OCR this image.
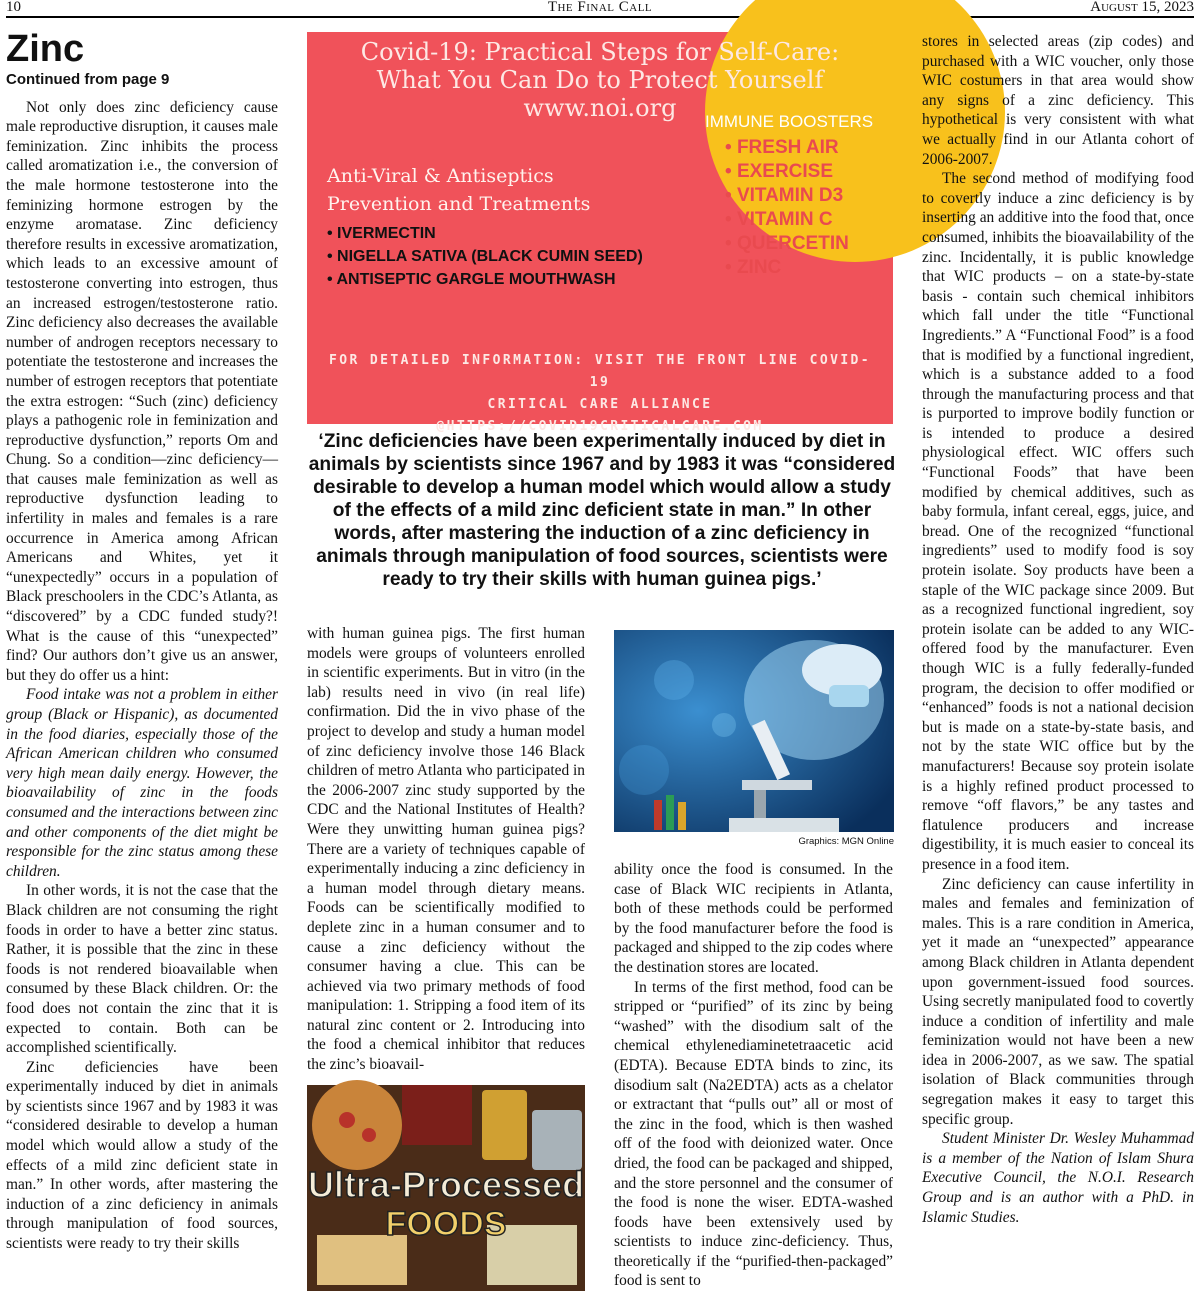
10	The Final Call	August 15, 2023
Zinc
Continued from page 9

Not only does zinc deficiency cause male reproductive disruption, it causes male feminization. Zinc inhibits the process called aromatization i.e., the conversion of the male hormone testosterone into the feminizing hormone estrogen by the enzyme aromatase. Zinc deficiency therefore results in excessive aromatization, which leads to an excessive amount of testosterone converting into estrogen, thus an increased estrogen/testosterone ratio. Zinc deficiency also decreases the available number of androgen receptors necessary to potentiate the testosterone and increases the number of estrogen receptors that potentiate the extra estrogen: “Such (zinc) deficiency plays a pathogenic role in feminization and reproductive dysfunction,” reports Om and Chung. So a condition—zinc deficiency—that causes male feminization as well as reproductive dysfunction leading to infertility in males and females is a rare occurrence in America among African Americans and Whites, yet it “unexpectedly” occurs in a population of Black preschoolers in the CDC’s Atlanta, as “discovered” by a CDC funded study?! What is the cause of this “unexpected” find? Our authors don’t give us an answer, but they do offer us a hint:

Food intake was not a problem in either group (Black or Hispanic), as documented in the food diaries, especially those of the African American children who consumed very high mean daily energy. However, the bioavailability of zinc in the foods consumed and the interactions between zinc and other components of the diet might be responsible for the zinc status among these children.

In other words, it is not the case that the Black children are not consuming the right foods in order to have a better zinc status. Rather, it is possible that the zinc in these foods is not rendered bioavailable when consumed by these Black children. Or: the food does not contain the zinc that it is expected to contain. Both can be accomplished scientifically.

Zinc deficiencies have been experimentally induced by diet in animals by scientists since 1967 and by 1983 it was “considered desirable to develop a human model which would allow a study of the effects of a mild zinc deficient state in man.” In other words, after mastering the induction of a zinc deficiency in animals through manipulation of food sources, scientists were ready to try their skills

Covid-19: Practical Steps for Self-Care:
What You Can Do to Protect Yourself
www.noi.org	IMMUNE BOOSTERS
• FRESH AIR
• EXERCISE
• VITAMIN D3
• VITAMIN C
• QUERCETIN
• ZINC
Anti-Viral & Antiseptics
Prevention and Treatments
• IVERMECTIN
• NIGELLA SATIVA (BLACK CUMIN SEED)
• ANTISEPTIC GARGLE MOUTHWASH
FOR DETAILED INFORMATION: VISIT THE FRONT LINE COVID-19
CRITICAL CARE ALLIANCE @HTTPS://COVID19CRITICALCARE.COM
‘Zinc deficiencies have been experimentally induced by diet in animals by scientists since 1967 and by 1983 it was “considered desirable to develop a human model which would allow a study of the effects of a mild zinc deficient state in man.” In other words, after mastering the induction of a zinc deficiency in animals through manipulation of food sources, scientists were ready to try their skills with human guinea pigs.’

with human guinea pigs. The first human models were groups of volunteers enrolled in scientific experiments. But in vitro (in the lab) results need in vivo (in real life) confirmation. Did the in vivo phase of the project to develop and study a human model of zinc deficiency involve those 146 Black children of metro Atlanta who participated in the 2006-2007 zinc study supported by the CDC and the National Institutes of Health? Were they unwitting human guinea pigs? There are a variety of techniques capable of experimentally inducing a zinc deficiency in a human model through dietary means. Foods can be scientifically modified to deplete zinc in a human consumer and to cause a zinc deficiency without the consumer having a clue. This can be achieved via two primary methods of food manipulation: 1. Stripping a food item of its natural zinc content or 2. Introducing into the food a chemical inhibitor that reduces the zinc’s bioavail-

Graphics: MGN Online

ability once the food is consumed. In the case of Black WIC recipients in Atlanta, both of these methods could be performed by the food manufacturer before the food is packaged and shipped to the zip codes where the destination stores are located.

In terms of the first method, food can be stripped or “purified” of its zinc by being “washed” with the disodium salt of the chemical ethylenediaminetetraacetic acid (EDTA). Because EDTA binds to zinc, its disodium salt (Na2EDTA) acts as a chelator or extractant that “pulls out” all or most of the zinc in the food, which is then washed off of the food with deionized water. Once dried, the food can be packaged and shipped, and the store personnel and the consumer of the food is none the wiser. EDTA-washed foods have been extensively used by scientists to induce zinc-deficiency. Thus, theoretically if the “purified-then-packaged” food is sent to

Ultra-Processed
FOODS

stores in selected areas (zip codes) and purchased with a WIC voucher, only those WIC costumers in that area would show any signs of a zinc deficiency. This hypothetical is very consistent with what we actually find in our Atlanta cohort of 2006-2007.

The second method of modifying food to covertly induce a zinc deficiency is by inserting an additive into the food that, once consumed, inhibits the bioavailability of the zinc. Incidentally, it is public knowledge that WIC products – on a state-by-state basis - contain such chemical inhibitors which fall under the title “Functional Ingredients.” A “Functional Food” is a food that is modified by a functional ingredient, which is a substance added to a food through the manufacturing process and that is purported to improve bodily function or is intended to produce a desired physiological effect. WIC offers such “Functional Foods” that have been modified by chemical additives, such as baby formula, infant cereal, eggs, juice, and bread. One of the recognized “functional ingredients” used to modify food is soy protein isolate. Soy products have been a staple of the WIC package since 2009. But as a recognized functional ingredient, soy protein isolate can be added to any WIC-offered food by the manufacturer. Even though WIC is a fully federally-funded program, the decision to offer modified or “enhanced” foods is not a national decision but is made on a state-by-state basis, and not by the state WIC office but by the manufacturers! Because soy protein isolate is a highly refined product processed to remove “off flavors,” be any tastes and flatulence producers and increase digestibility, it is much easier to conceal its presence in a food item.

Zinc deficiency can cause infertility in males and females and feminization of males. This is a rare condition in America, yet it made an “unexpected” appearance among Black children in Atlanta dependent upon government-issued food sources. Using secretly manipulated food to covertly induce a condition of infertility and male feminization would not have been a new idea in 2006-2007, as we saw. The spatial isolation of Black communities through segregation makes it easy to target this specific group.

Student Minister Dr. Wesley Muhammad is a member of the Nation of Islam Shura Executive Council, the N.O.I. Research Group and is an author with a PhD. in Islamic Studies.
